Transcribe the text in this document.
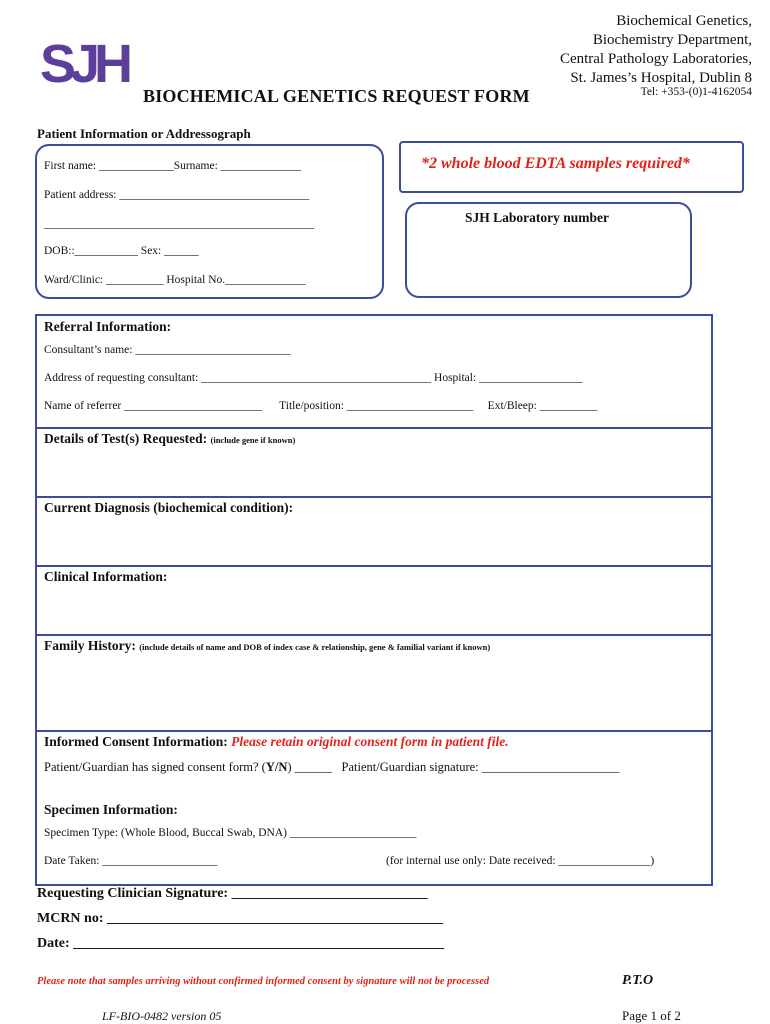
SJH
Biochemical Genetics,
Biochemistry Department,
Central Pathology Laboratories,
St. James’s Hospital, Dublin 8
Tel: +353-(0)1-4162054
BIOCHEMICAL GENETICS REQUEST FORM
Patient Information or Addressograph
First name: _____________Surname: ______________
Patient address: _________________________________
_______________________________________________
DOB::___________ Sex: ______
Ward/Clinic: __________ Hospital No.______________
*2 whole blood EDTA samples required*
SJH Laboratory number
Referral Information:
Consultant’s name: ___________________________
Address of requesting consultant: ________________________________________ Hospital: __________________
Name of referrer ________________________      Title/position: ______________________     Ext/Bleep: __________
Details of Test(s) Requested: (include gene if known)
Current Diagnosis (biochemical condition):
Clinical Information:
Family History: (include details of name and DOB of index case & relationship, gene & familial variant if known)
Informed Consent Information: Please retain original consent form in patient file.
Patient/Guardian has signed consent form? (Y/N) ______   Patient/Guardian signature: ______________________
Specimen Information:
Specimen Type: (Whole Blood, Buccal Swab, DNA) ______________________
Date Taken: ____________________	(for internal use only: Date received: ________________)
Requesting Clinician Signature: ____________________________
MCRN no: ________________________________________________
Date: _____________________________________________________
Please note that samples arriving without confirmed informed consent by signature will not be processed	P.T.O
LF-BIO-0482 version 05	Page 1 of 2
